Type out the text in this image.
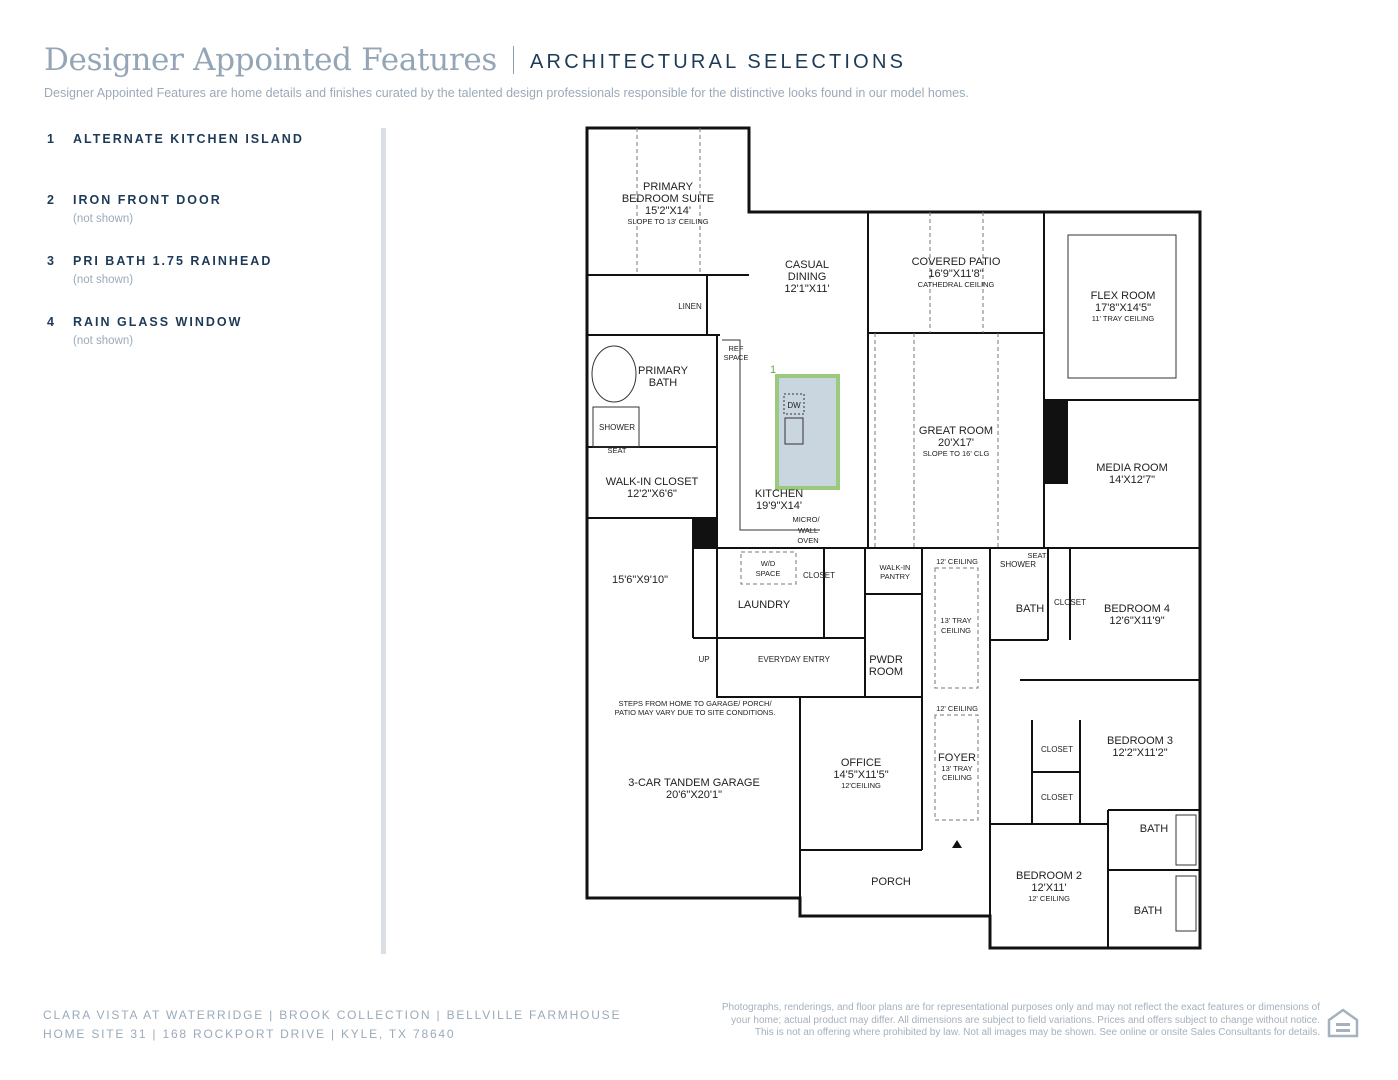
Designer Appointed Features ARCHITECTURAL SELECTIONS
Designer Appointed Features are home details and finishes curated by the talented design professionals responsible for the distinctive looks found in our model homes.
1	ALTERNATE KITCHEN ISLAND
2	IRON FRONT DOOR
(not shown)
3	PRI BATH 1.75 RAINHEAD
(not shown)
4	RAIN GLASS WINDOW
(not shown)
PRIMARY
BEDROOM SUITE
15'2"X14'
SLOPE TO 13' CEILING
LINEN
PRIMARY
BATH
SHOWER
SEAT
WALK-IN CLOSET
12'2"X6'6"
REF
SPACE
CASUAL
DINING
12'1"X11'
COVERED PATIO
16'9"X11'8"
CATHEDRAL CEILING
FLEX ROOM
17'8"X14'5"
11' TRAY CEILING
1
DW
KITCHEN
19'9"X14'
MICRO/
WALL
OVEN
GREAT ROOM
20'X17'
SLOPE TO 16' CLG
MEDIA ROOM
14'X12'7"
15'6"X9'10"
W/D
SPACE
LAUNDRY
CLOSET
WALK-IN
PANTRY
12' CEILING
13' TRAY
CEILING
SEAT
SHOWER
BATH
CLOSET
BEDROOM 4
12'6"X11'9"
UP	EVERYDAY ENTRY	PWDR
ROOM
STEPS FROM HOME TO GARAGE/ PORCH/
PATIO MAY VARY DUE TO SITE CONDITIONS.	12' CEILING
OFFICE
14'5"X11'5"
12'CEILING
FOYER
13' TRAY
CEILING
BEDROOM 3
12'2"X11'2"
CLOSET
CLOSET
BATH
3-CAR TANDEM GARAGE
20'6"X20'1"
PORCH	BEDROOM 2
12'X11'
12' CEILING
BATH
CLARA VISTA AT WATERRIDGE | BROOK COLLECTION | BELLVILLE FARMHOUSE
HOME SITE 31 | 168 ROCKPORT DRIVE | KYLE, TX 78640
Photographs, renderings, and floor plans are for representational purposes only and may not reflect the exact features or dimensions of
your home; actual product may differ. All dimensions are subject to field variations. Prices and offers subject to change without notice.
This is not an offering where prohibited by law. Not all images may be shown. See online or onsite Sales Consultants for details.
